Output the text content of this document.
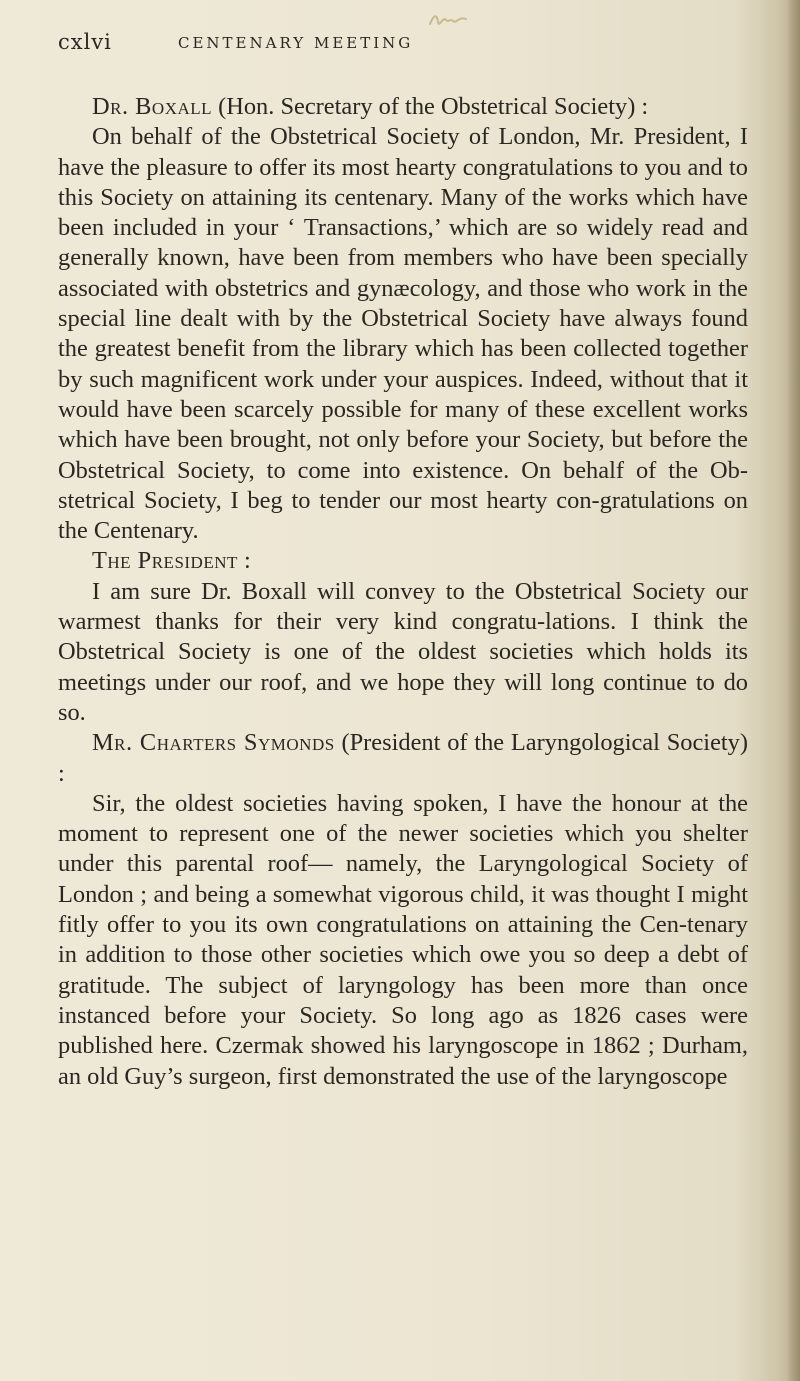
cxlvi	CENTENARY MEETING

Dr. Boxall (Hon. Secretary of the Obstetrical Society) :

On behalf of the Obstetrical Society of London, Mr. President, I have the pleasure to offer its most hearty congratulations to you and to this Society on attaining its centenary. Many of the works which have been included in your ‘ Transactions,’ which are so widely read and generally known, have been from members who have been specially associated with obstetrics and gynæcology, and those who work in the special line dealt with by the Obstetrical Society have always found the greatest benefit from the library which has been collected together by such magnificent work under your auspices. Indeed, without that it would have been scarcely possible for many of these excellent works which have been brought, not only before your Society, but before the Obstetrical Society, to come into existence. On behalf of the Ob-stetrical Society, I beg to tender our most hearty con-gratulations on the Centenary.

The President :

I am sure Dr. Boxall will convey to the Obstetrical Society our warmest thanks for their very kind congratu-lations. I think the Obstetrical Society is one of the oldest societies which holds its meetings under our roof, and we hope they will long continue to do so.

Mr. Charters Symonds (President of the Laryngological Society) :

Sir, the oldest societies having spoken, I have the honour at the moment to represent one of the newer societies which you shelter under this parental roof— namely, the Laryngological Society of London ; and being a somewhat vigorous child, it was thought I might fitly offer to you its own congratulations on attaining the Cen-tenary in addition to those other societies which owe you so deep a debt of gratitude. The subject of laryngology has been more than once instanced before your Society. So long ago as 1826 cases were published here. Czermak showed his laryngoscope in 1862 ; Durham, an old Guy’s surgeon, first demonstrated the use of the laryngoscope
